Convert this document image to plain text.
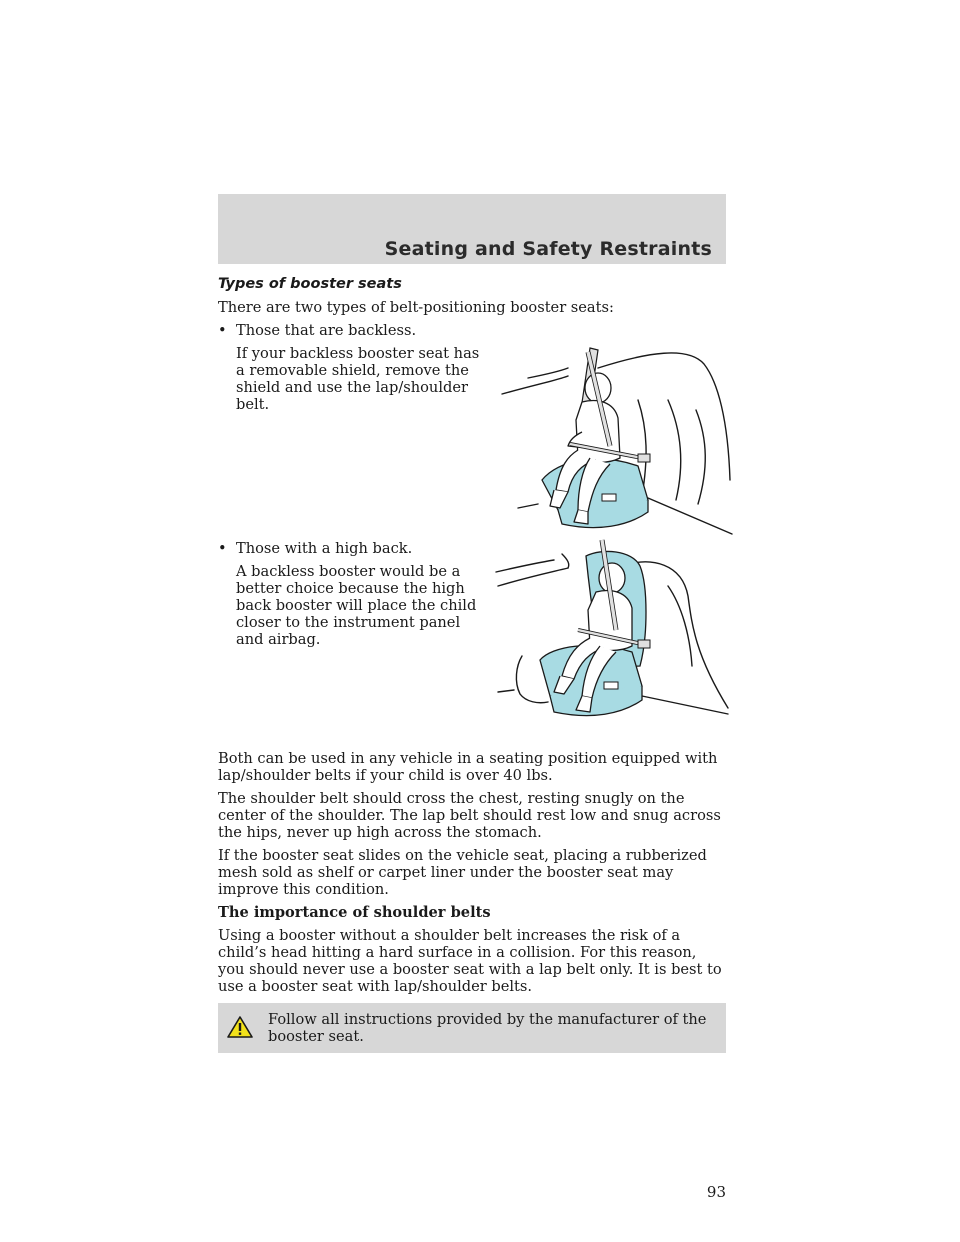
Seating and Safety Restraints

Types of booster seats

There are two types of belt-positioning booster seats:

• Those that are backless.

If your backless booster seat has a removable shield, remove the shield and use the lap/shoulder belt.

• Those with a high back.

A backless booster would be a better choice because the high back booster will place the child closer to the instrument panel and airbag.

Both can be used in any vehicle in a seating position equipped with lap/shoulder belts if your child is over 40 lbs.

The shoulder belt should cross the chest, resting snugly on the center of the shoulder. The lap belt should rest low and snug across the hips, never up high across the stomach.

If the booster seat slides on the vehicle seat, placing a rubberized mesh sold as shelf or carpet liner under the booster seat may improve this condition.

The importance of shoulder belts

Using a booster without a shoulder belt increases the risk of a child’s head hitting a hard surface in a collision. For this reason, you should never use a booster seat with a lap belt only. It is best to use a booster seat with lap/shoulder belts.

Follow all instructions provided by the manufacturer of the booster seat.
93
